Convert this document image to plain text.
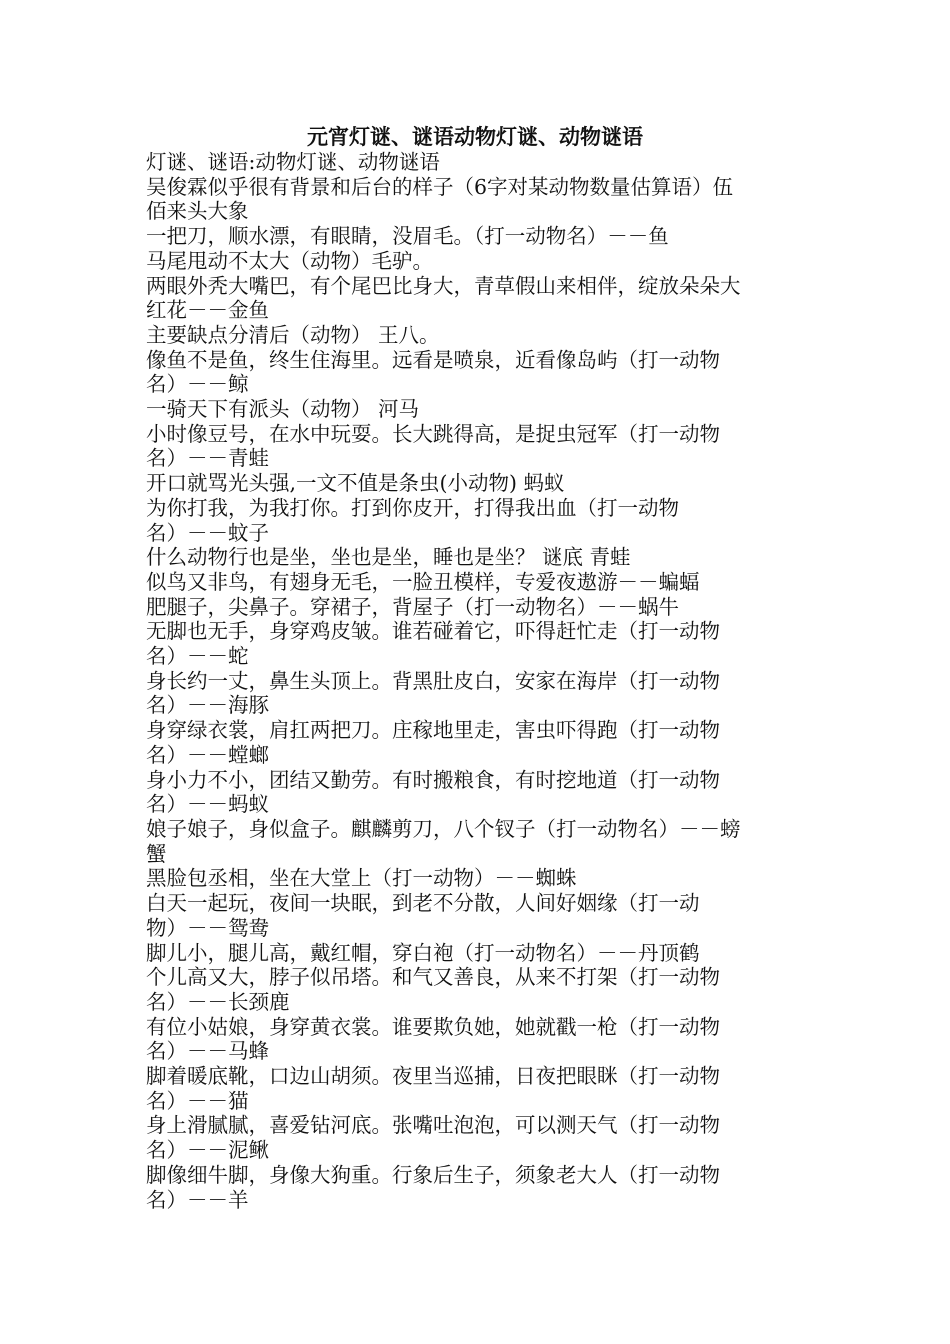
元宵灯谜、谜语动物灯谜、动物谜语
灯谜、谜语:动物灯谜、动物谜语
吴俊霖似乎很有背景和后台的样子（6字对某动物数量估算语）伍
佰来头大象
一把刀，顺水漂，有眼睛，没眉毛。（打一动物名）－－鱼
马尾甩动不太大（动物）毛驴。
两眼外秃大嘴巴，有个尾巴比身大，青草假山来相伴，绽放朵朵大
红花－－金鱼
主要缺点分清后（动物） 王八。
像鱼不是鱼，终生住海里。远看是喷泉，近看像岛屿（打一动物
名）－－鲸
一骑天下有派头（动物） 河马
小时像豆号，在水中玩耍。长大跳得高，是捉虫冠军（打一动物
名）－－青蛙
开口就骂光头强,一文不值是条虫(小动物) 蚂蚁
为你打我，为我打你。打到你皮开，打得我出血（打一动物
名）－－蚊子
什么动物行也是坐，坐也是坐，睡也是坐？ 谜底 青蛙
似鸟又非鸟，有翅身无毛，一脸丑模样，专爱夜遨游－－蝙蝠
肥腿子，尖鼻子。穿裙子，背屋子（打一动物名）－－蜗牛
无脚也无手，身穿鸡皮皱。谁若碰着它，吓得赶忙走（打一动物
名）－－蛇
身长约一丈，鼻生头顶上。背黑肚皮白，安家在海岸（打一动物
名）－－海豚
身穿绿衣裳，肩扛两把刀。庄稼地里走，害虫吓得跑（打一动物
名）－－螳螂
身小力不小，团结又勤劳。有时搬粮食，有时挖地道（打一动物
名）－－蚂蚁
娘子娘子，身似盒子。麒麟剪刀，八个钗子（打一动物名）－－螃
蟹
黑脸包丞相，坐在大堂上（打一动物）－－蜘蛛
白天一起玩，夜间一块眠，到老不分散，人间好姻缘（打一动
物）－－鸳鸯
脚儿小，腿儿高，戴红帽，穿白袍（打一动物名）－－丹顶鹤
个儿高又大，脖子似吊塔。和气又善良，从来不打架（打一动物
名）－－长颈鹿
有位小姑娘，身穿黄衣裳。谁要欺负她，她就戳一枪（打一动物
名）－－马蜂
脚着暖底靴，口边山胡须。夜里当巡捕，日夜把眼眯（打一动物
名）－－猫
身上滑腻腻，喜爱钻河底。张嘴吐泡泡，可以测天气（打一动物
名）－－泥鳅
脚像细牛脚，身像大狗重。行象后生子，须象老大人（打一动物
名）－－羊
